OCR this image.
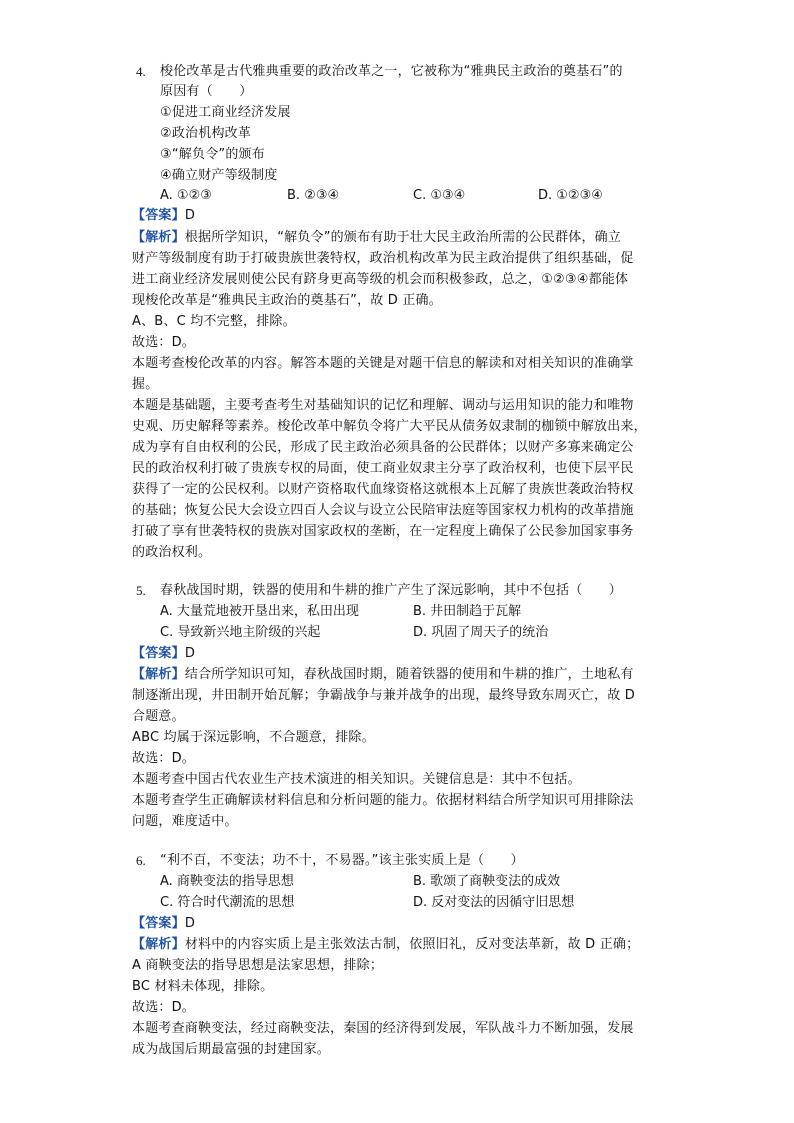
4. 梭伦改革是古代雅典重要的政治改革之一，它被称为“雅典民主政治的奠基石”的
原因有（　　）
①促进工商业经济发展
②政治机构改革
③“解负令”的颁布
④确立财产等级制度
A. ①②③	B. ②③④	C. ①③④	D. ①②③④
【答案】D
【解析】根据所学知识，“解负令”的颁布有助于壮大民主政治所需的公民群体，确立
财产等级制度有助于打破贵族世袭特权，政治机构改革为民主政治提供了组织基础，促
进工商业经济发展则使公民有跻身更高等级的机会而积极参政，总之，①②③④都能体
现梭伦改革是“雅典民主政治的奠基石”，故 D 正确。
A、B、C 均不完整，排除。
故选：D。
本题考查梭伦改革的内容。解答本题的关键是对题干信息的解读和对相关知识的准确掌
握。
本题是基础题，主要考查考生对基础知识的记忆和理解、调动与运用知识的能力和唯物
史观、历史解释等素养。梭伦改革中解负令将广大平民从债务奴隶制的枷锁中解放出来，
成为享有自由权利的公民，形成了民主政治必须具备的公民群体；以财产多寡来确定公
民的政治权利打破了贵族专权的局面，使工商业奴隶主分享了政治权利，也使下层平民
获得了一定的公民权利。以财产资格取代血缘资格这就根本上瓦解了贵族世袭政治特权
的基础；恢复公民大会设立四百人会议与设立公民陪审法庭等国家权力机构的改革措施
打破了享有世袭特权的贵族对国家政权的垄断，在一定程度上确保了公民参加国家事务
的政治权利。
5. 春秋战国时期，铁器的使用和牛耕的推广产生了深远影响，其中不包括（　　）
A. 大量荒地被开垦出来，私田出现	B. 井田制趋于瓦解
C. 导致新兴地主阶级的兴起	D. 巩固了周天子的统治
【答案】D
【解析】结合所学知识可知，春秋战国时期，随着铁器的使用和牛耕的推广，土地私有
制逐渐出现，井田制开始瓦解；争霸战争与兼并战争的出现，最终导致东周灭亡，故 D
合题意。
ABC 均属于深远影响，不合题意，排除。
故选：D。
本题考查中国古代农业生产技术演进的相关知识。关键信息是：其中不包括。
本题考查学生正确解读材料信息和分析问题的能力。依据材料结合所学知识可用排除法
问题，难度适中。
6. “利不百，不变法；功不十，不易器。”该主张实质上是（　　）
A. 商鞅变法的指导思想	B. 歌颂了商鞅变法的成效
C. 符合时代潮流的思想	D. 反对变法的因循守旧思想
【答案】D
【解析】材料中的内容实质上是主张效法古制，依照旧礼，反对变法革新，故 D 正确；
A 商鞅变法的指导思想是法家思想，排除；
BC 材料未体现，排除。
故选：D。
本题考查商鞅变法，经过商鞅变法，秦国的经济得到发展，军队战斗力不断加强，发展
成为战国后期最富强的封建国家。
